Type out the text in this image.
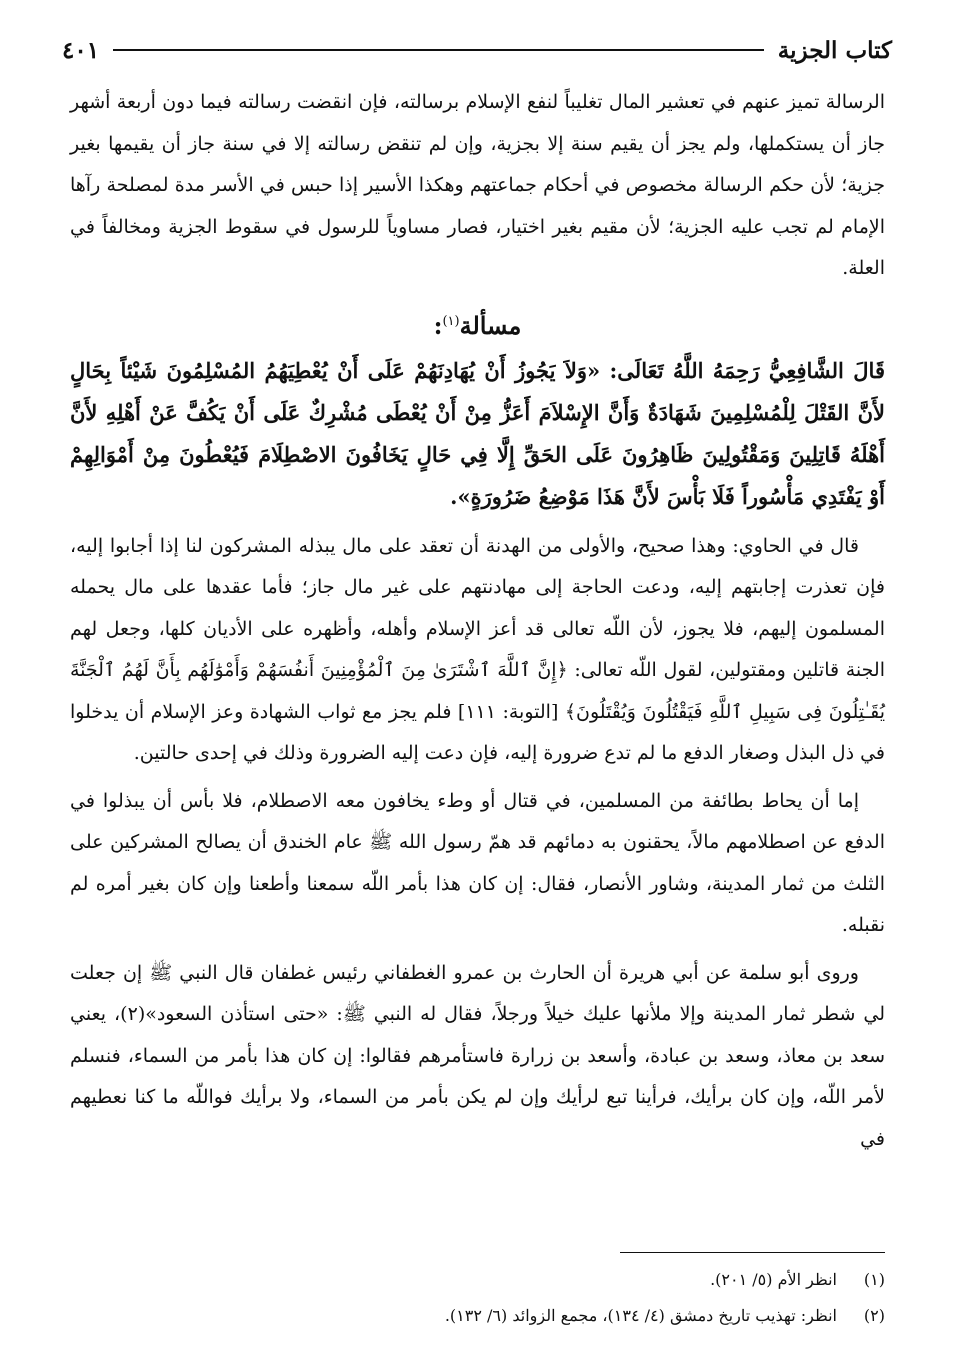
كتاب الجزية
٤٠١

الرسالة تميز عنهم في تعشير المال تغليباً لنفع الإسلام برسالته، فإن انقضت رسالته فيما دون أربعة أشهر جاز أن يستكملها، ولم يجز أن يقيم سنة إلا بجزية، وإن لم تنقض رسالته إلا في سنة جاز أن يقيمها بغير جزية؛ لأن حكم الرسالة مخصوص في أحكام جماعتهم وهكذا الأسير إذا حبس في الأسر مدة لمصلحة رآها الإمام لم تجب عليه الجزية؛ لأن مقيم بغير اختيار، فصار مساوياً للرسول في سقوط الجزية ومخالفاً في العلة.

مسألة$^{(١)}$:

قَالَ الشَّافِعِيُّ رَحِمَهُ اللَّهُ تَعَالَى: «وَلاَ يَجُوزُ أَنْ يُهَادِنَهُمْ عَلَى أَنْ يُعْطِيَهُمُ المُسْلِمُونَ شَيْئاً بِحَالٍ لأَنَّ القَتْلَ لِلْمُسْلِمِينَ شَهَادَةٌ وَأَنَّ الإِسْلاَمَ أَعَزُّ مِنْ أَنْ يُعْطَى مُشْرِكٌ عَلَى أَنْ يَكُفَّ عَنْ أَهْلِهِ لأَنَّ أَهْلَهُ قَاتِلِينَ وَمَقْتُولِينَ ظَاهِرُونَ عَلَى الحَقِّ إِلَّا فِي حَالٍ يَخَافُونَ الاصْطِلَامَ فَيُعْطُونَ مِنْ أَمْوَالِهِمْ أَوْ يَفْتَدِي مَأْسُوراً فَلَا بَأْسَ لأَنَّ هَذَا مَوْضِعُ ضَرُورَةٍ».

قال في الحاوي: وهذا صحيح، والأولى من الهدنة أن تعقد على مال يبذله المشركون لنا إذا أجابوا إليه، فإن تعذرت إجابتهم إليه، ودعت الحاجة إلى مهادنتهم على غير مال جاز؛ فأما عقدها على مال يحمله المسلمون إليهم، فلا يجوز، لأن اللّه تعالى قد أعز الإسلام وأهله، وأظهره على الأديان كلها، وجعل لهم الجنة قاتلين ومقتولين، لقول اللّه تعالى: ﴿إِنَّ ٱللَّهَ ٱشْتَرَىٰ مِنَ ٱلْمُؤْمِنِينَ أَنفُسَهُمْ وَأَمْوَٰلَهُم بِأَنَّ لَهُمُ ٱلْجَنَّةَ يُقَـٰتِلُونَ فِى سَبِيلِ ٱللَّهِ فَيَقْتُلُونَ وَيُقْتَلُونَ﴾ [التوبة: ١١١] فلم يجز مع ثواب الشهادة وعز الإسلام أن يدخلوا في ذل البذل وصغار الدفع ما لم تدع ضرورة إليه، فإن دعت إليه الضرورة وذلك في إحدى حالتين.

إما أن يحاط بطائفة من المسلمين، في قتال أو وطء يخافون معه الاصطلام، فلا بأس أن يبذلوا في الدفع عن اصطلامهم مالاً، يحقنون به دمائهم قد همّ رسول الله ﷺ عام الخندق أن يصالح المشركين على الثلث من ثمار المدينة، وشاور الأنصار، فقال: إن كان هذا بأمر اللّه سمعنا وأطعنا وإن كان بغير أمره لم نقبله.

وروى أبو سلمة عن أبي هريرة أن الحارث بن عمرو الغطفاني رئيس غطفان قال النبي ﷺ إن جعلت لي شطر ثمار المدينة وإلا ملأنها عليك خيلاً ورجلاً، فقال له النبي ﷺ: «حتى استأذن السعود»(٢)، يعني سعد بن معاذ، وسعد بن عبادة، وأسعد بن زرارة فاستأمرهم فقالوا: إن كان هذا بأمر من السماء، فنسلم لأمر اللّه، وإن كان برأيك، فرأينا تبع لرأيك وإن لم يكن بأمر من السماء، ولا برأيك فواللّه ما كنا نعطيهم في

(١)
انظر الأم (٥/ ٢٠١).
(٢)
انظر: تهذيب تاريخ دمشق (٤/ ١٣٤)، مجمع الزوائد (٦/ ١٣٢).
